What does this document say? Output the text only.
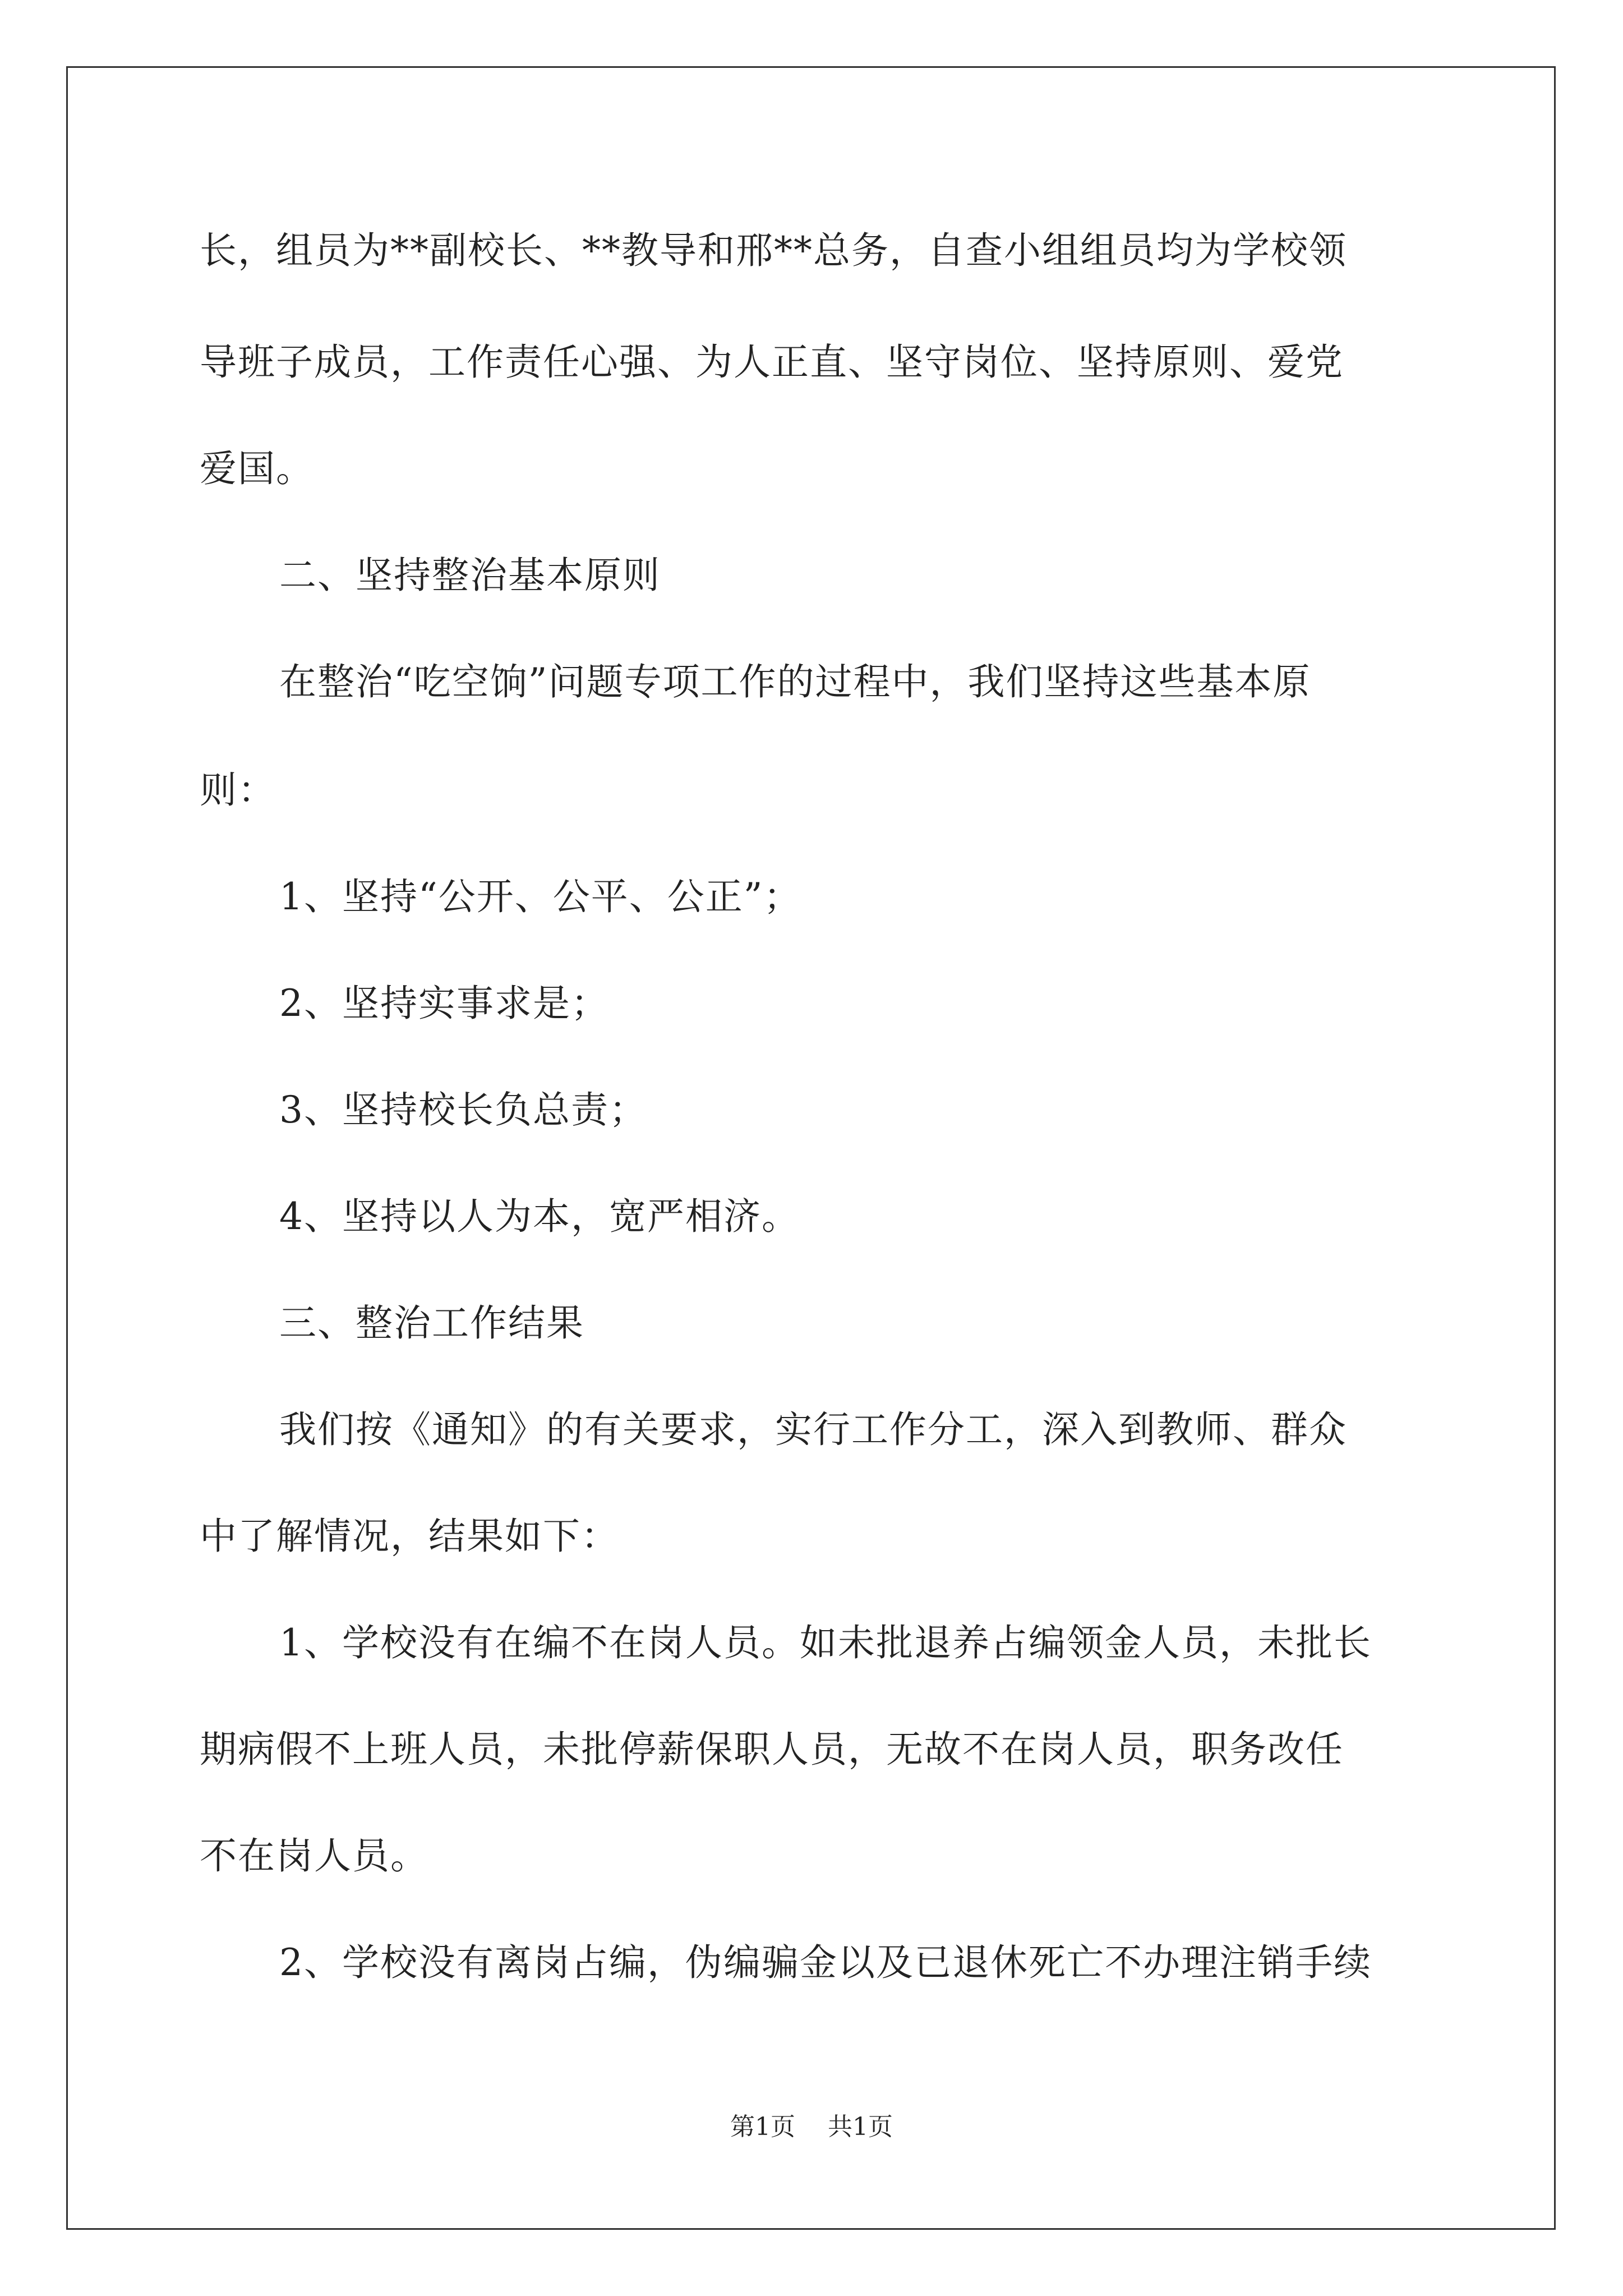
长，组员为**副校长、**教导和邢**总务，自查小组组员均为学校领
导班子成员，工作责任心强、为人正直、坚守岗位、坚持原则、爱党
爱国。
二、坚持整治基本原则
在整治“吃空饷”问题专项工作的过程中，我们坚持这些基本原
则：
1、坚持“公开、公平、公正”；
2、坚持实事求是；
3、坚持校长负总责；
4、坚持以人为本，宽严相济。
三、整治工作结果
我们按《通知》的有关要求，实行工作分工，深入到教师、群众
中了解情况，结果如下：
1、学校没有在编不在岗人员。如未批退养占编领金人员，未批长
期病假不上班人员，未批停薪保职人员，无故不在岗人员，职务改任
不在岗人员。
2、学校没有离岗占编，伪编骗金以及已退休死亡不办理注销手续
第1页 共1页
